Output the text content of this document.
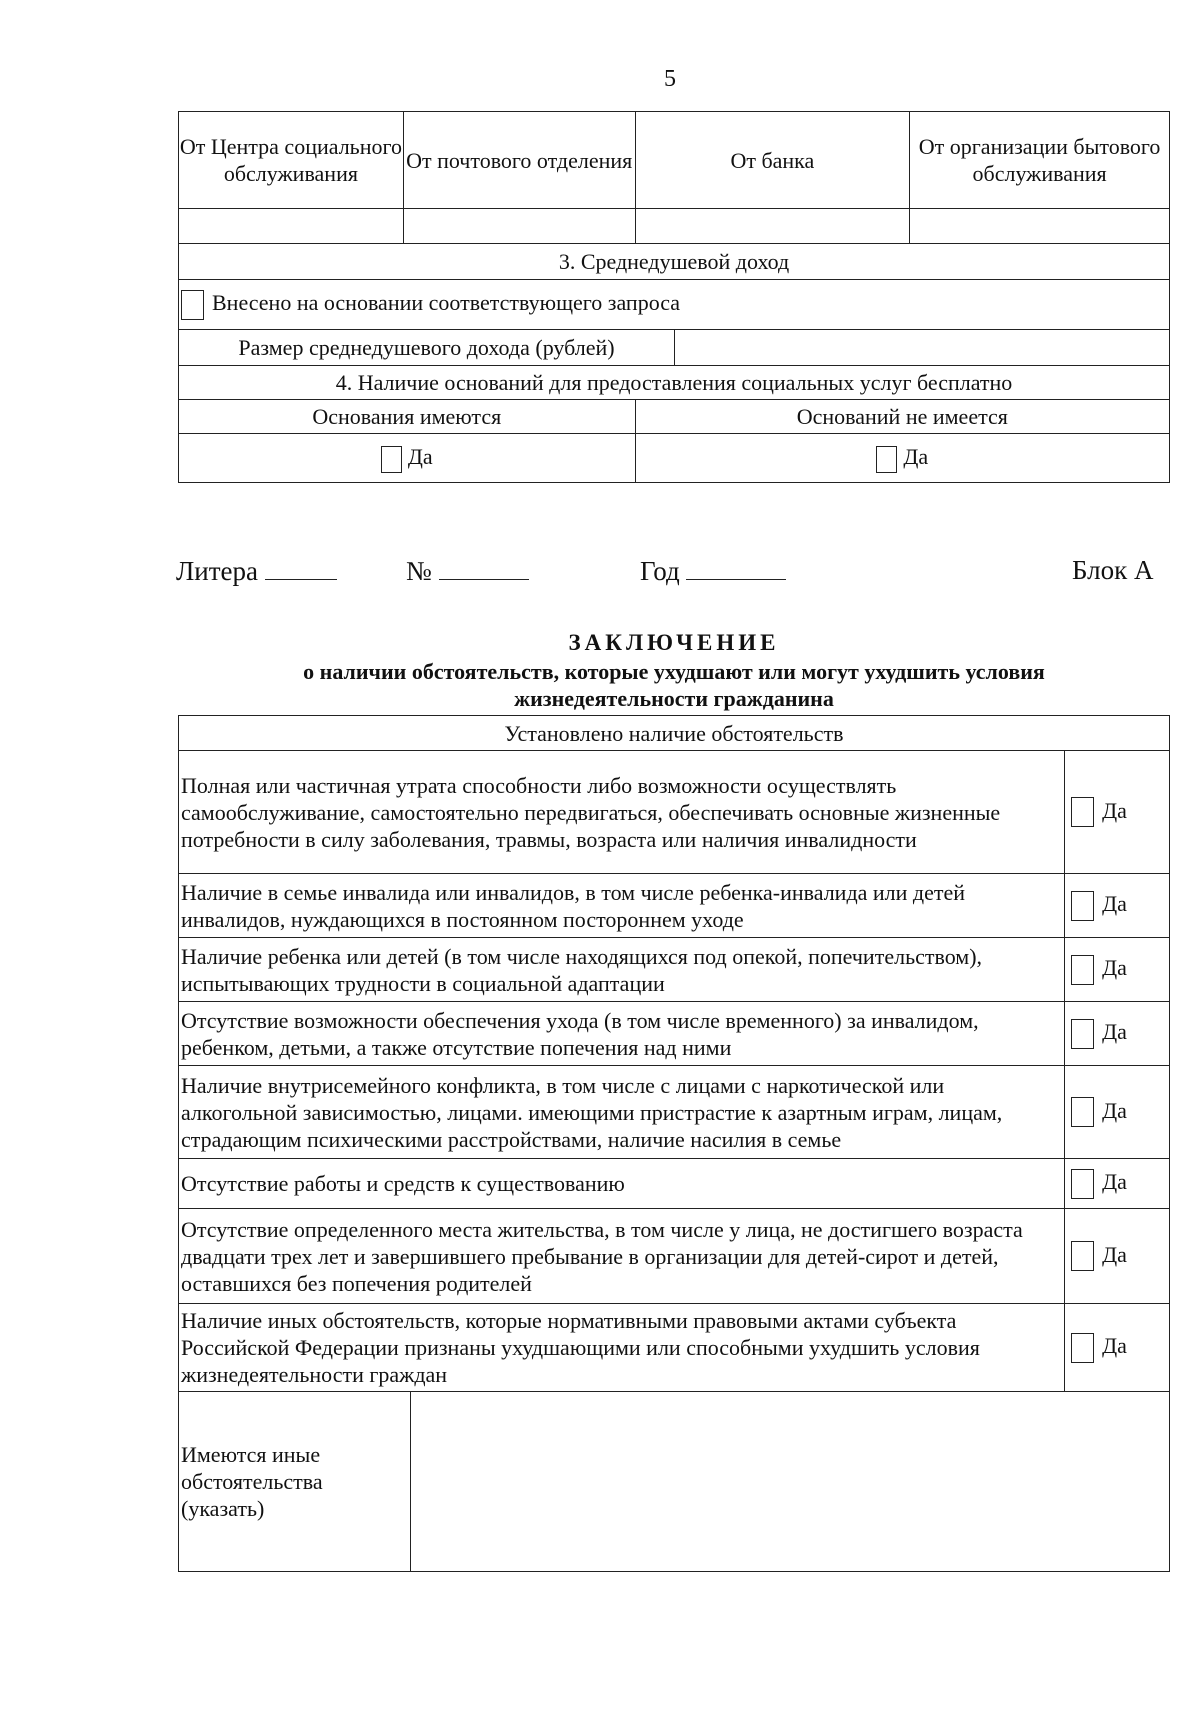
5
От Центра социального обслуживания	От почтового отделения	От банка	От организации бытового обслуживания

3. Среднедушевой доход			
Внесено на основании соответствующего запроса			

Размер среднедушевого дохода (рублей)			

4. Наличие оснований для предоставления социальных услуг бесплатно			
Основания имеются		Оснований не имеется	
Да		Да	
Литера	№	Год	Блок А
ЗАКЛЮЧЕНИЕ
о наличии обстоятельств, которые ухудшают или могут ухудшить условия
жизнедеятельности гражданина
Установлено наличие обстоятельств		
Полная или частичная утрата способности либо возможности осуществлять самообслуживание, самостоятельно передвигаться, обеспечивать основные жизненные потребности в силу заболевания, травмы, возраста или наличия инвалидности		Да
Наличие в семье инвалида или инвалидов, в том числе ребенка-инвалида или детей инвалидов, нуждающихся в постоянном постороннем уходе		Да
Наличие ребенка или детей (в том числе находящихся под опекой, попечительством), испытывающих трудности в социальной адаптации		Да
Отсутствие возможности обеспечения ухода (в том числе временного) за инвалидом, ребенком, детьми, а также отсутствие попечения над ними		Да
Наличие внутрисемейного конфликта, в том числе с лицами с наркотической или алкогольной зависимостью, лицами. имеющими пристрастие к азартным играм, лицам, страдающим психическими расстройствами, наличие насилия в семье		Да
Отсутствие работы и средств к существованию		Да
Отсутствие определенного места жительства, в том числе у лица, не достигшего возраста двадцати трех лет и завершившего пребывание в организации для детей-сирот и детей, оставшихся без попечения родителей		Да
Наличие иных обстоятельств, которые нормативными правовыми актами субъекта Российской Федерации признаны ухудшающими или способными ухудшить условия жизнедеятельности граждан		Да
Имеются иные обстоятельства (указать)		
